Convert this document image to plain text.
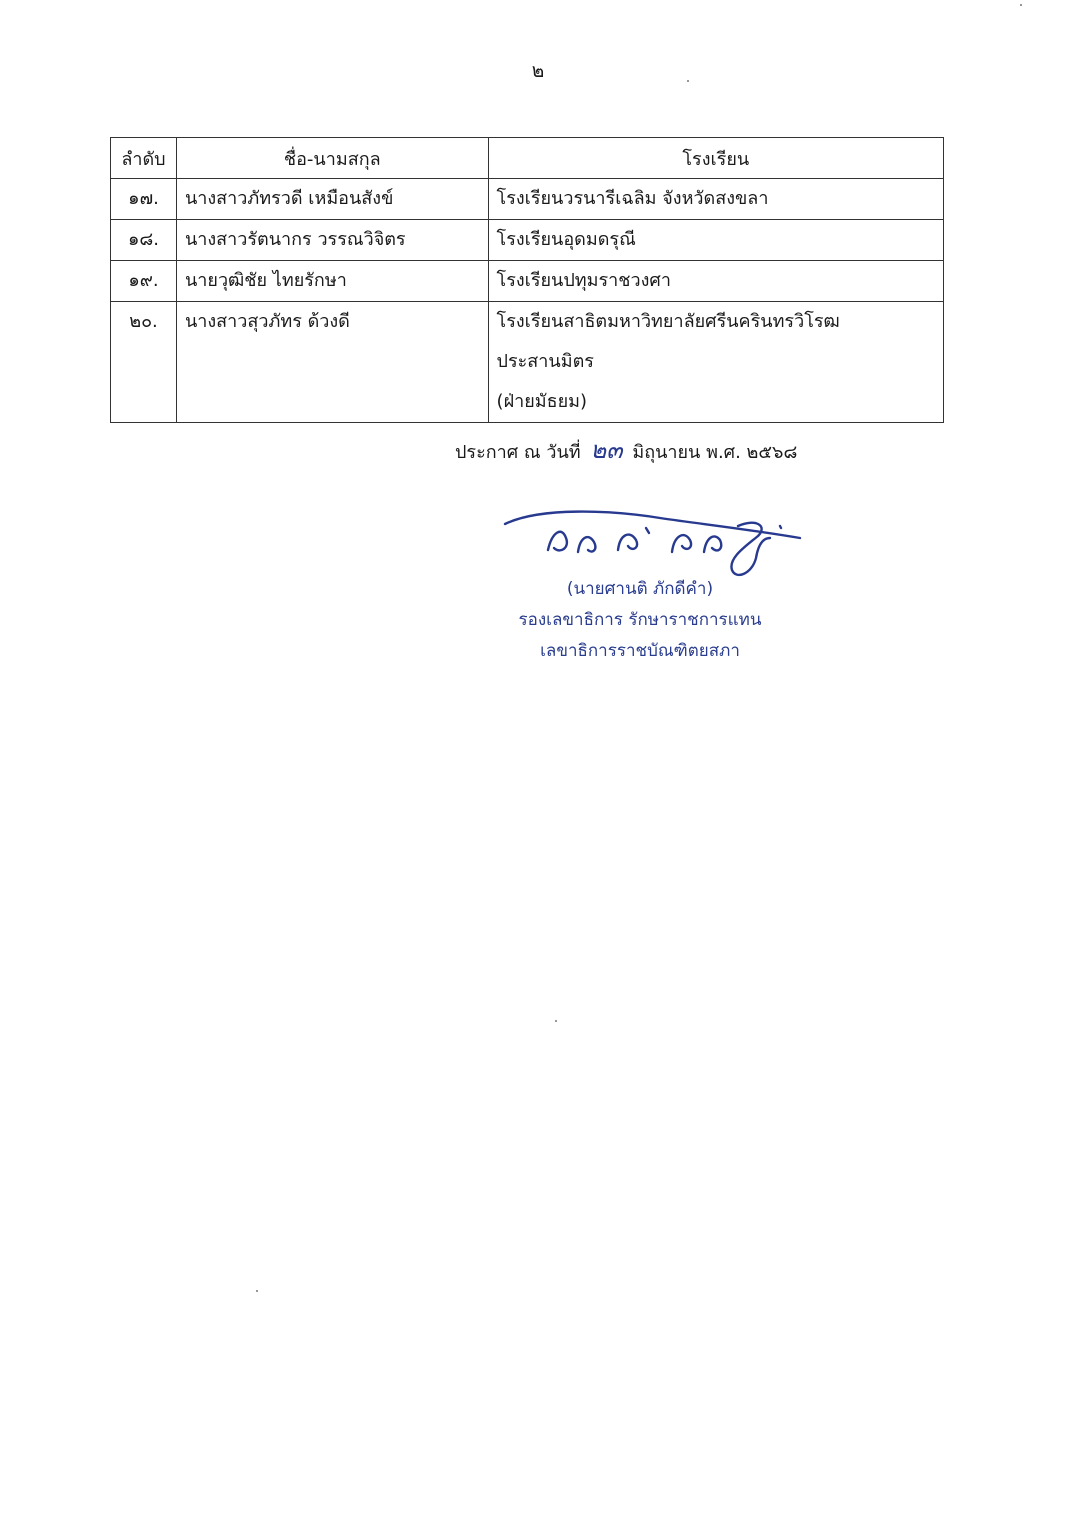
๒
ลำดับ	ชื่อ-นามสกุล	โรงเรียน
๑๗.	นางสาวภัทรวดี เหมือนสังข์	โรงเรียนวรนารีเฉลิม จังหวัดสงขลา
๑๘.	นางสาวรัตนากร วรรณวิจิตร	โรงเรียนอุดมดรุณี
๑๙.	นายวุฒิชัย ไทยรักษา	โรงเรียนปทุมราชวงศา
๒๐.	นางสาวสุวภัทร ด้วงดี	โรงเรียนสาธิตมหาวิทยาลัยศรีนครินทรวิโรฒประสานมิตร
(ฝ่ายมัธยม)
ประกาศ ณ วันที่ ๒๓ มิถุนายน พ.ศ. ๒๕๖๘
(นายศานติ ภักดีคำ)
รองเลขาธิการ รักษาราชการแทน
เลขาธิการราชบัณฑิตยสภา
